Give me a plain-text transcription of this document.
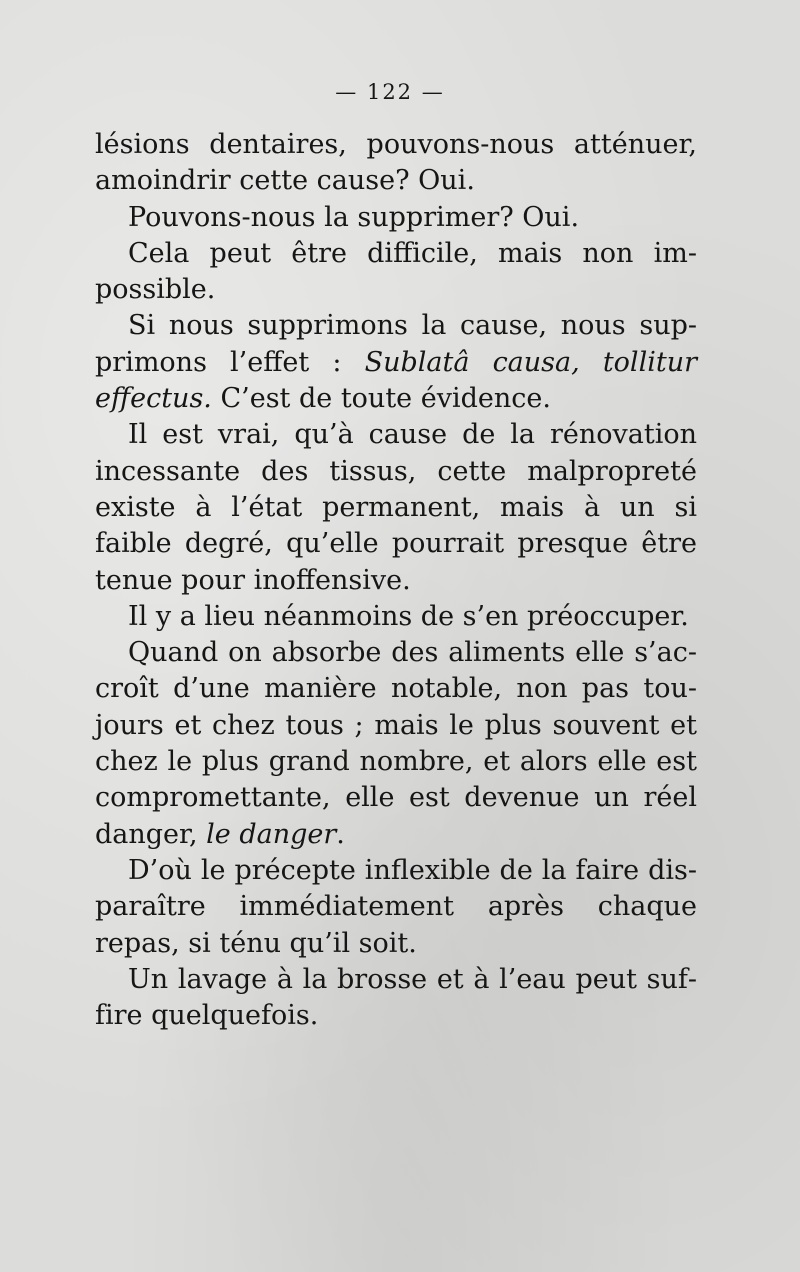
— 122 —

lésions dentaires, pouvons-nous atténuer, amoindrir cette cause? Oui.

Pouvons-nous la supprimer? Oui.

Cela peut être difficile, mais non impossible.

Si nous supprimons la cause, nous supprimons l’effet : Sublatâ causa, tollitur effectus. C’est de toute évidence.

Il est vrai, qu’à cause de la rénovation incessante des tissus, cette malpropreté existe à l’état permanent, mais à un si faible degré, qu’elle pourrait presque être tenue pour inoffensive.

Il y a lieu néanmoins de s’en préoccuper.

Quand on absorbe des aliments elle s’accroît d’une manière notable, non pas toujours et chez tous ; mais le plus souvent et chez le plus grand nombre, et alors elle est compromettante, elle est devenue un réel danger, le danger.

D’où le précepte inflexible de la faire disparaître immédiatement après chaque repas, si ténu qu’il soit.

Un lavage à la brosse et à l’eau peut suffire quelquefois.
